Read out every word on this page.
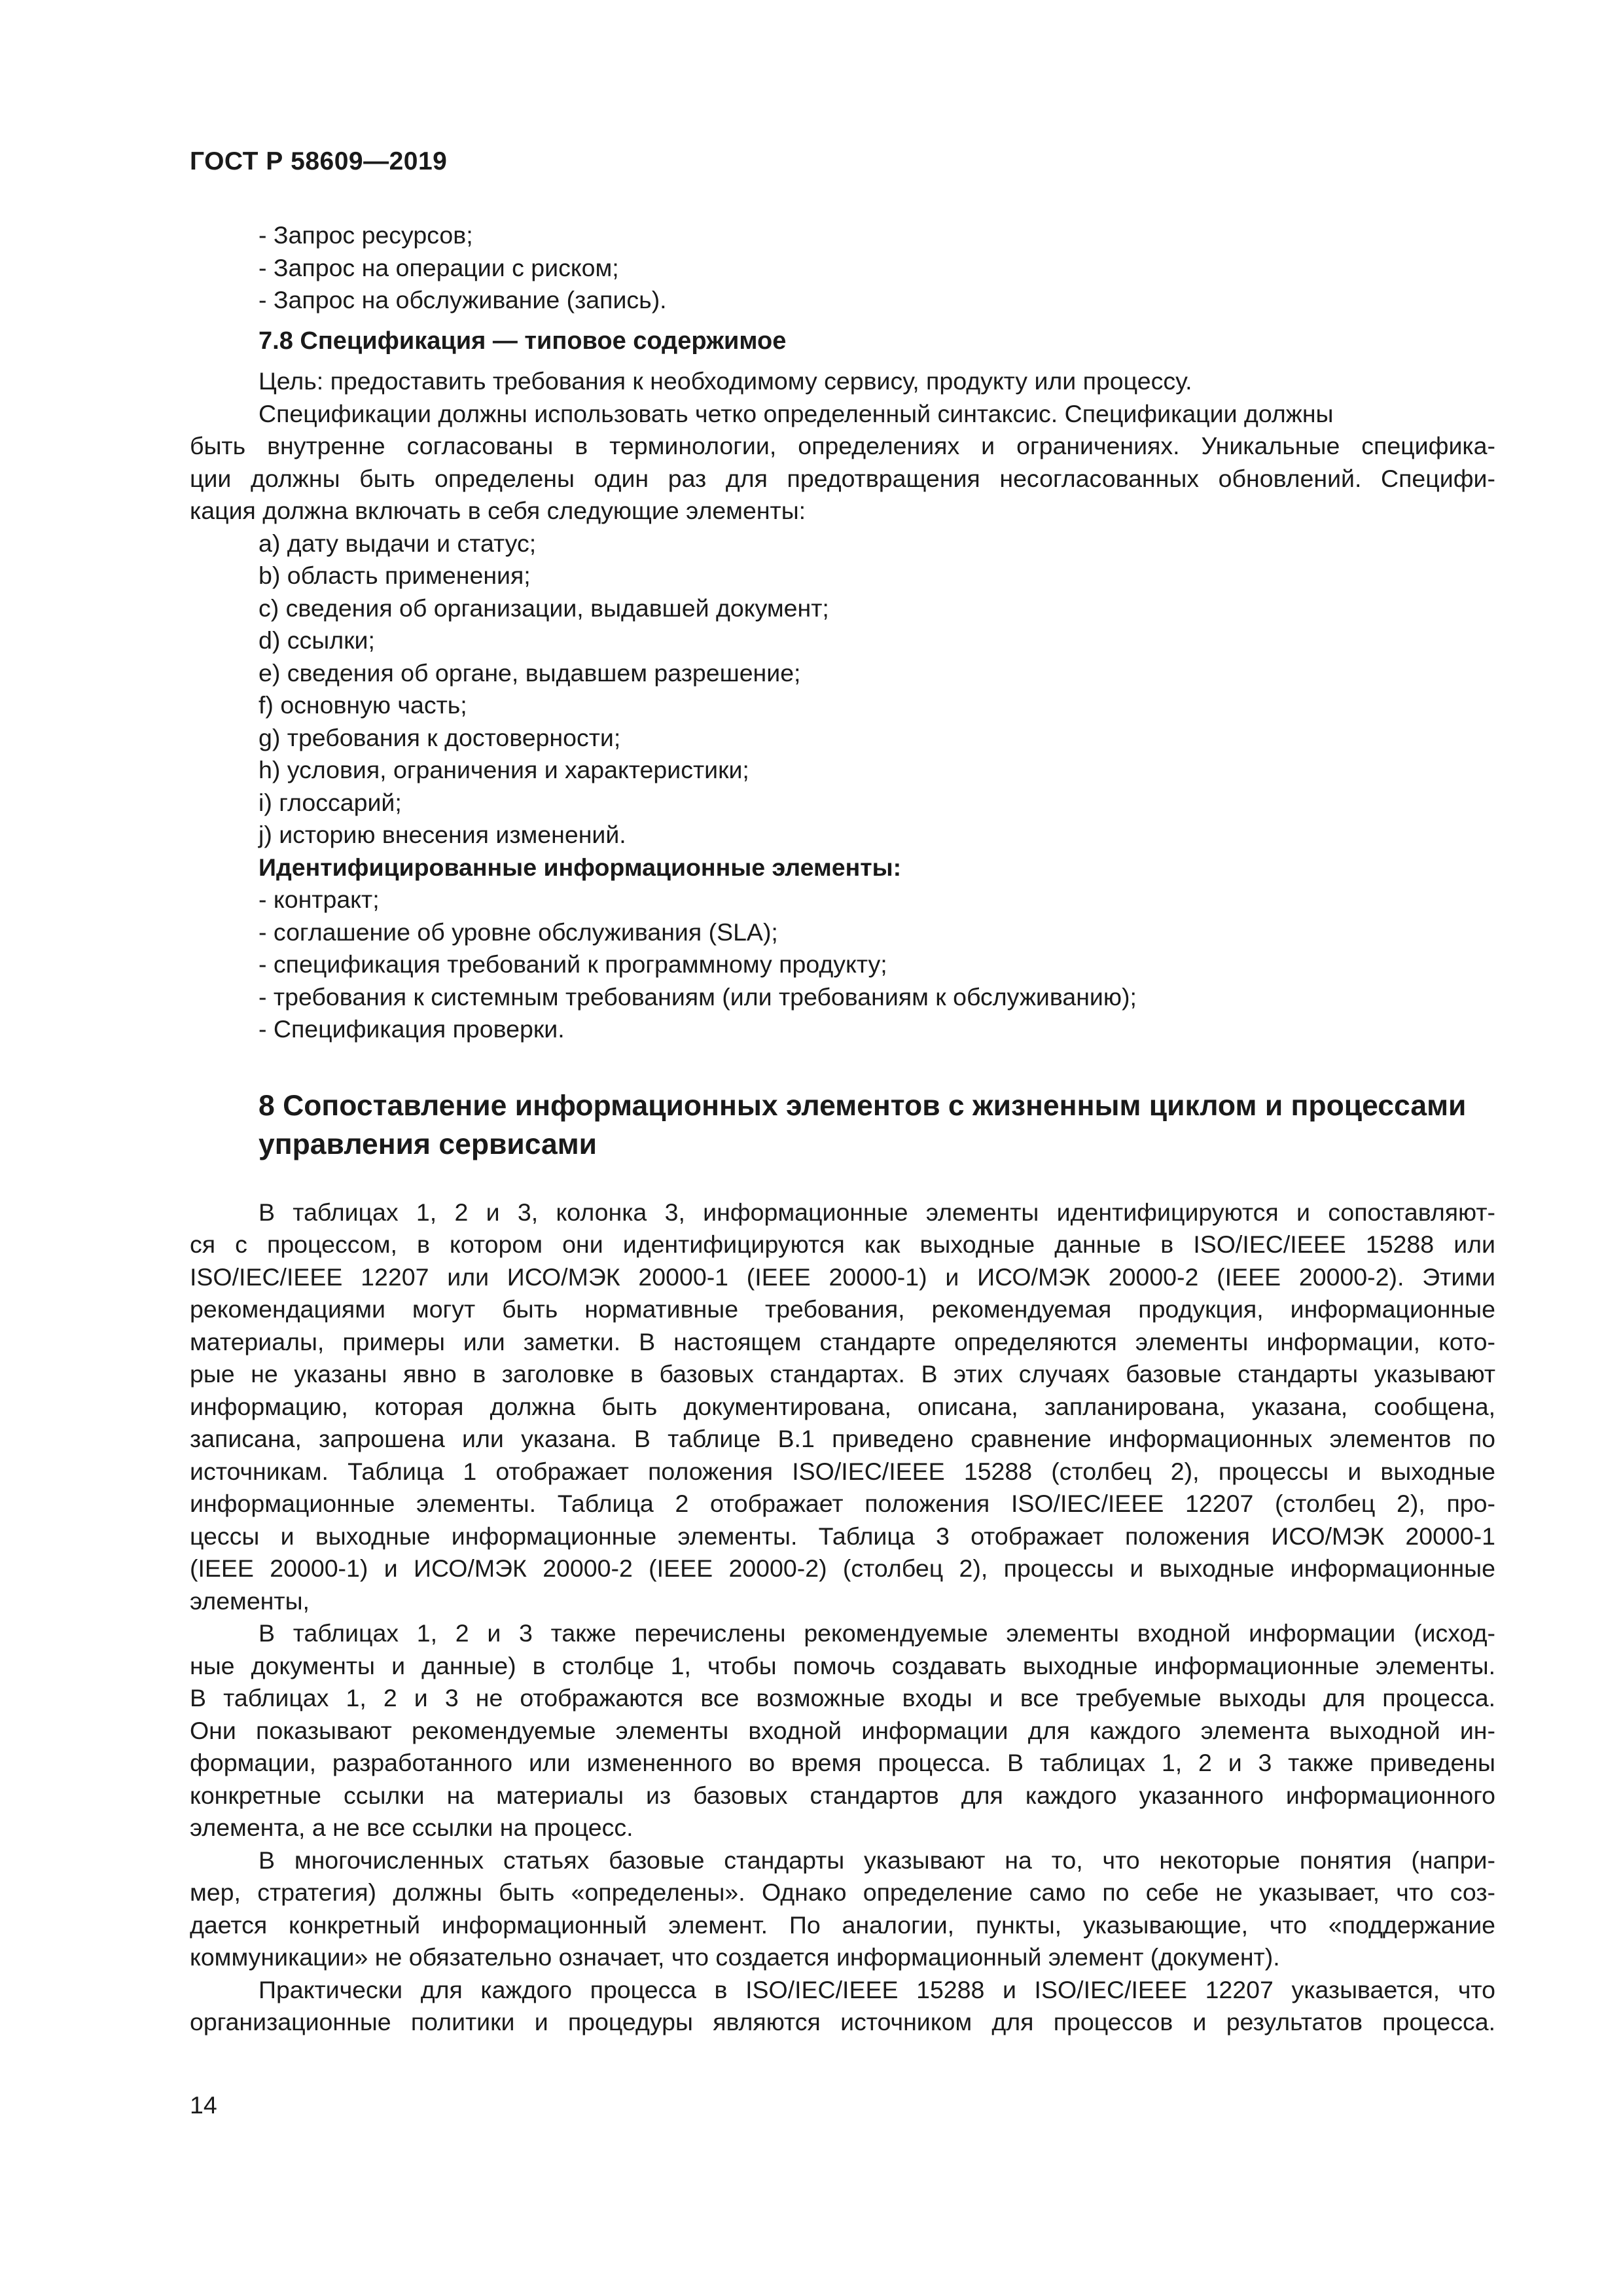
ГОСТ Р 58609—2019

- Запрос ресурсов;

- Запрос на операции с риском;

- Запрос на обслуживание (запись).

7.8 Спецификация — типовое содержимое

Цель: предоставить требования к необходимому сервису, продукту или процессу.

Спецификации должны использовать четко определенный синтаксис. Спецификации должны

быть внутренне согласованы в терминологии, определениях и ограничениях. Уникальные специфика-

ции должны быть определены один раз для предотвращения несогласованных обновлений. Специфи-

кация должна включать в себя следующие элементы:

a) дату выдачи и статус;

b) область применения;

c) сведения об организации, выдавшей документ;

d) ссылки;

e) сведения об органе, выдавшем разрешение;

f) основную часть;

g) требования к достоверности;

h) условия, ограничения и характеристики;

i) глоссарий;

j) историю внесения изменений.

Идентифицированные информационные элементы:

- контракт;

- соглашение об уровне обслуживания (SLA);

- спецификация требований к программному продукту;

- требования к системным требованиям (или требованиям к обслуживанию);

- Спецификация проверки.

8 Сопоставление информационных элементов с жизненным циклом и процессами

управления сервисами

В таблицах 1, 2 и 3, колонка 3, информационные элементы идентифицируются и сопоставляют-

ся с процессом, в котором они идентифицируются как выходные данные в ISO/IEC/IEEE 15288 или

ISO/IEC/IEEE 12207 или ИСО/МЭК 20000-1 (IEEE 20000-1) и ИСО/МЭК 20000-2 (IEEE 20000-2). Этими

рекомендациями могут быть нормативные требования, рекомендуемая продукция, информационные

материалы, примеры или заметки. В настоящем стандарте определяются элементы информации, кото-

рые не указаны явно в заголовке в базовых стандартах. В этих случаях базовые стандарты указывают

информацию, которая должна быть документирована, описана, запланирована, указана, сообщена,

записана, запрошена или указана. В таблице В.1 приведено сравнение информационных элементов по

источникам. Таблица 1 отображает положения ISO/IEC/IEEE 15288 (столбец 2), процессы и выходные

информационные элементы. Таблица 2 отображает положения ISO/IEC/IEEE 12207 (столбец 2), про-

цессы и выходные информационные элементы. Таблица 3 отображает положения ИСО/МЭК 20000-1

(IEEE 20000-1) и ИСО/МЭК 20000-2 (IEEE 20000-2) (столбец 2), процессы и выходные информационные

элементы,

В таблицах 1, 2 и 3 также перечислены рекомендуемые элементы входной информации (исход-

ные документы и данные) в столбце 1, чтобы помочь создавать выходные информационные элементы.

В таблицах 1, 2 и 3 не отображаются все возможные входы и все требуемые выходы для процесса.

Они показывают рекомендуемые элементы входной информации для каждого элемента выходной ин-

формации, разработанного или измененного во время процесса. В таблицах 1, 2 и 3 также приведены

конкретные ссылки на материалы из базовых стандартов для каждого указанного информационного

элемента, а не все ссылки на процесс.

В многочисленных статьях базовые стандарты указывают на то, что некоторые понятия (напри-

мер, стратегия) должны быть «определены». Однако определение само по себе не указывает, что соз-

дается конкретный информационный элемент. По аналогии, пункты, указывающие, что «поддержание

коммуникации» не обязательно означает, что создается информационный элемент (документ).

Практически для каждого процесса в ISO/IEC/IEEE 15288 и ISO/IEC/IEEE 12207 указывается, что

организационные политики и процедуры являются источником для процессов и результатов процесса.

14
